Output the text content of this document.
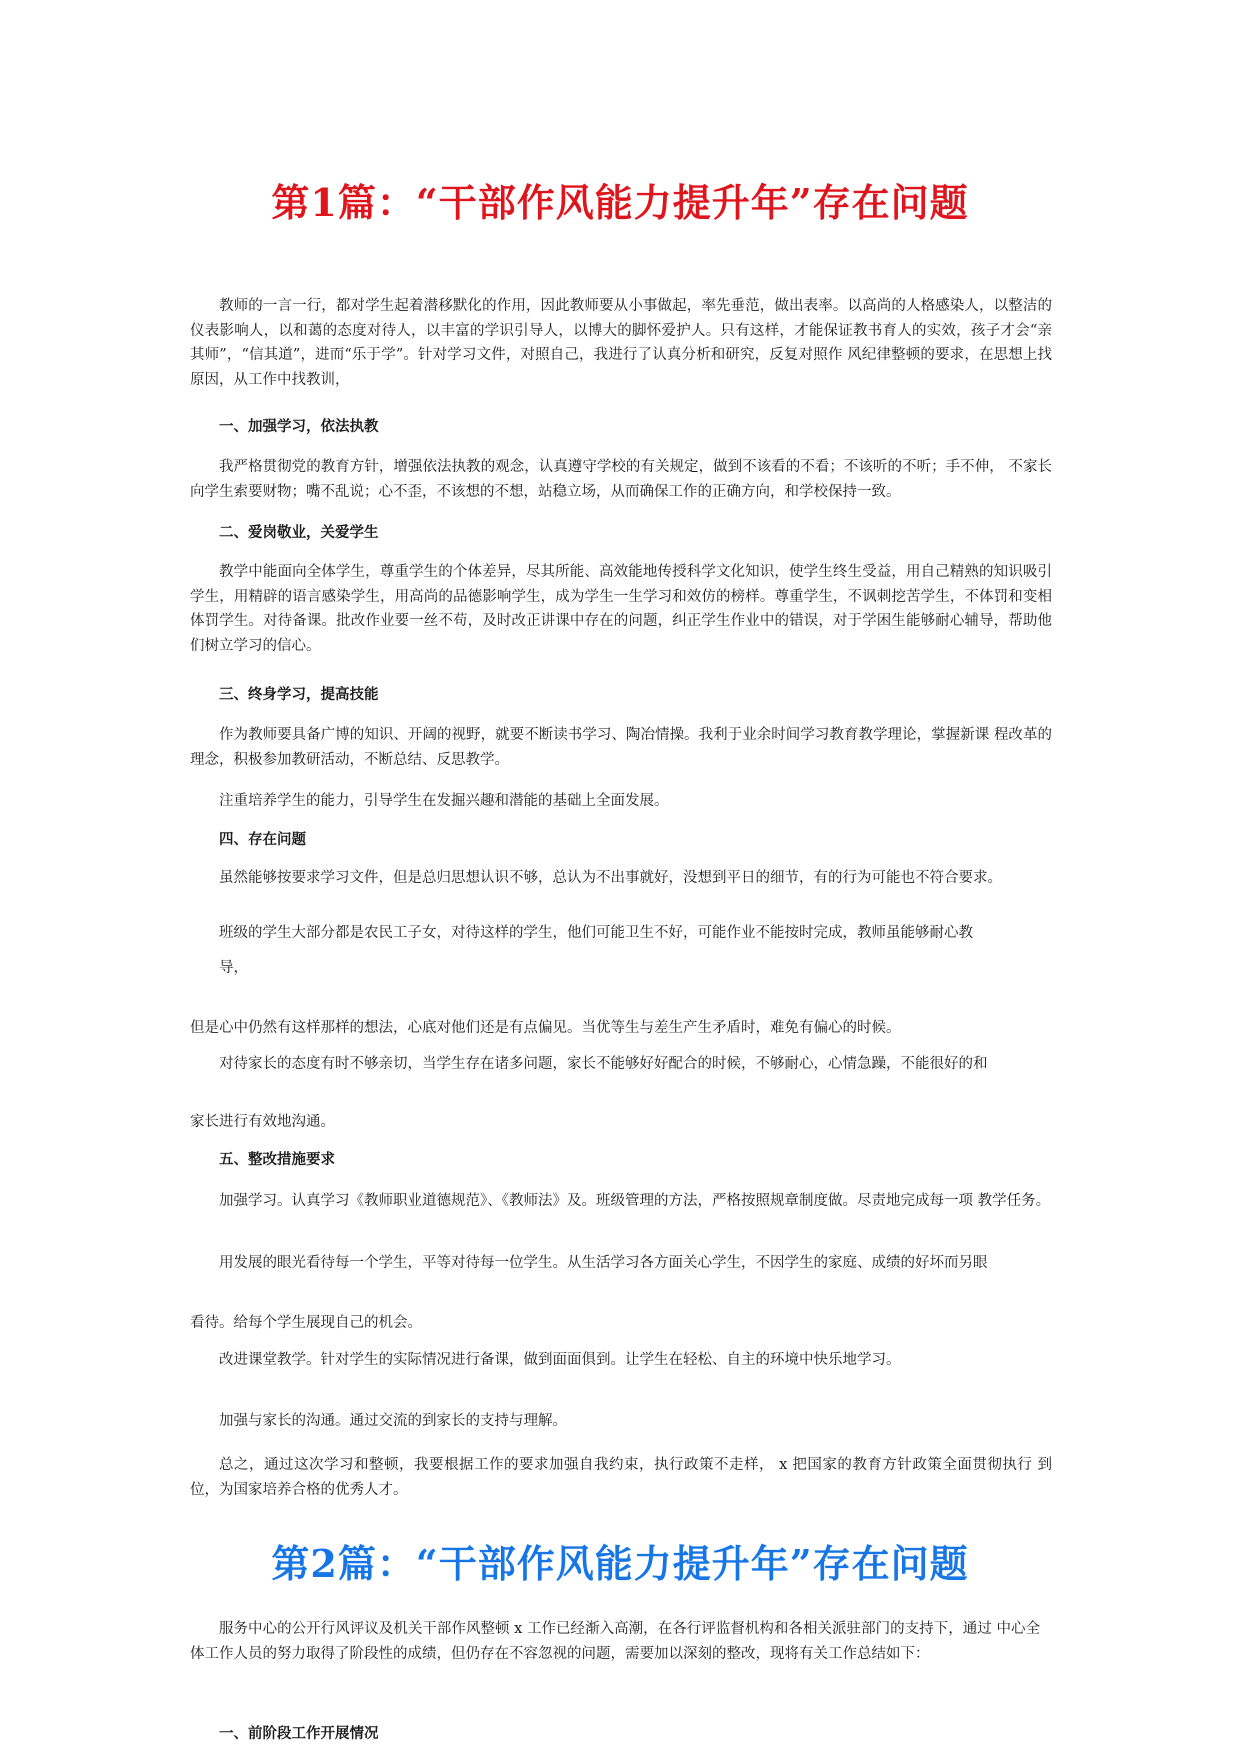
第1篇：“干部作风能力提升年”存在问题

教师的一言一行，都对学生起着潜移默化的作用，因此教师要从小事做起，率先垂范，做出表率。以高尚的人格感染人，以整洁的仪表影响人，以和蔼的态度对待人，以丰富的学识引导人，以博大的脚怀爱护人。只有这样，才能保证教书育人的实效，孩子才会“亲其师”，“信其道”，进而“乐于学”。针对学习文件，对照自己，我进行了认真分析和研究，反复对照作 风纪律整顿的要求，在思想上找原因，从工作中找教训，

一、加强学习，依法执教

我严格贯彻党的教育方针，增强依法执教的观念，认真遵守学校的有关规定，做到不该看的不看；不该听的不听；手不伸， 不家长向学生索要财物；嘴不乱说；心不歪，不该想的不想，站稳立场，从而确保工作的正确方向，和学校保持一致。

二、爱岗敬业，关爱学生

教学中能面向全体学生，尊重学生的个体差异，尽其所能、高效能地传授科学文化知识，使学生终生受益，用自己精熟的知识吸引学生，用精辟的语言感染学生，用高尚的品德影响学生，成为学生一生学习和效仿的榜样。尊重学生，不讽刺挖苦学生，不体罚和变相体罚学生。对待备课。批改作业要一丝不苟，及时改正讲课中存在的问题，纠正学生作业中的错误，对于学困生能够耐心辅导，帮助他们树立学习的信心。

三、终身学习，提高技能

作为教师要具备广博的知识、开阔的视野，就要不断读书学习、陶冶情操。我利于业余时间学习教育教学理论，掌握新课 程改革的理念，积极参加教研活动，不断总结、反思教学。

注重培养学生的能力，引导学生在发掘兴趣和潜能的基础上全面发展。

四、存在问题

虽然能够按要求学习文件，但是总归思想认识不够，总认为不出事就好，没想到平日的细节，有的行为可能也不符合要求。

班级的学生大部分都是农民工子女，对待这样的学生，他们可能卫生不好，可能作业不能按时完成，教师虽能够耐心教

导，

但是心中仍然有这样那样的想法，心底对他们还是有点偏见。当优等生与差生产生矛盾时，难免有偏心的时候。

对待家长的态度有时不够亲切，当学生存在诸多问题，家长不能够好好配合的时候，不够耐心，心情急躁，不能很好的和

家长进行有效地沟通。

五、整改措施要求

加强学习。认真学习《教师职业道德规范》、《教师法》及。班级管理的方法，严格按照规章制度做。尽责地完成每一项 教学任务。

用发展的眼光看待每一个学生，平等对待每一位学生。从生活学习各方面关心学生，不因学生的家庭、成绩的好坏而另眼

看待。给每个学生展现自己的机会。

改进课堂教学。针对学生的实际情况进行备课，做到面面俱到。让学生在轻松、自主的环境中快乐地学习。

加强与家长的沟通。通过交流的到家长的支持与理解。

总之，通过这次学习和整顿，我要根据工作的要求加强自我约束，执行政策不走样， x 把国家的教育方针政策全面贯彻执行 到位，为国家培养合格的优秀人才。

第2篇：“干部作风能力提升年”存在问题

服务中心的公开行风评议及机关干部作风整顿 x 工作已经渐入高潮，在各行评监督机构和各相关派驻部门的支持下，通过 中心全体工作人员的努力取得了阶段性的成绩，但仍存在不容忽视的问题，需要加以深刻的整改，现将有关工作总结如下：

一、前阶段工作开展情况
